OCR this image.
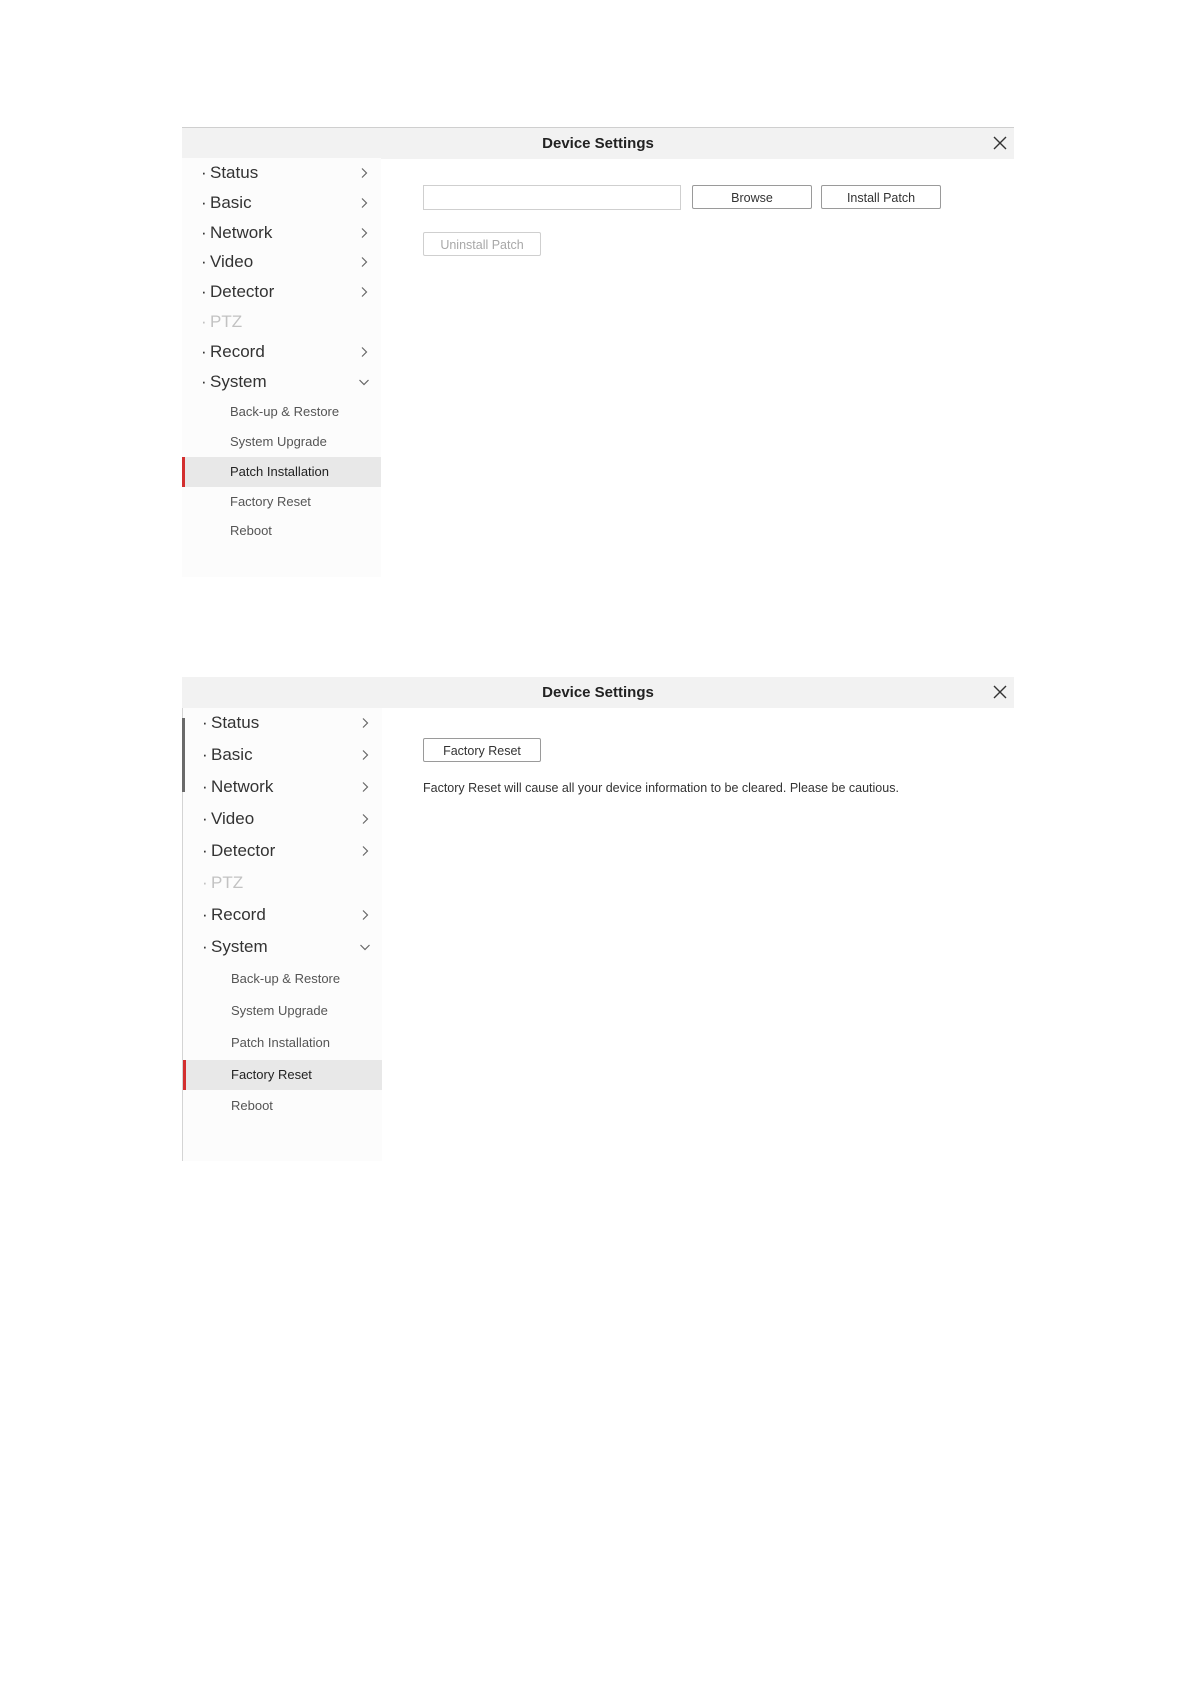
Device Settings
· Status
· Basic
· Network
· Video
· Detector
· PTZ
· Record
· System
Back-up & Restore
System Upgrade
Patch Installation
Factory Reset
Reboot
Browse	Install Patch
Uninstall Patch
Device Settings
· Status
· Basic
· Network
· Video
· Detector
· PTZ
· Record
· System
Back-up & Restore
System Upgrade
Patch Installation
Factory Reset
Reboot
Factory Reset
Factory Reset will cause all your device information to be cleared. Please be cautious.
